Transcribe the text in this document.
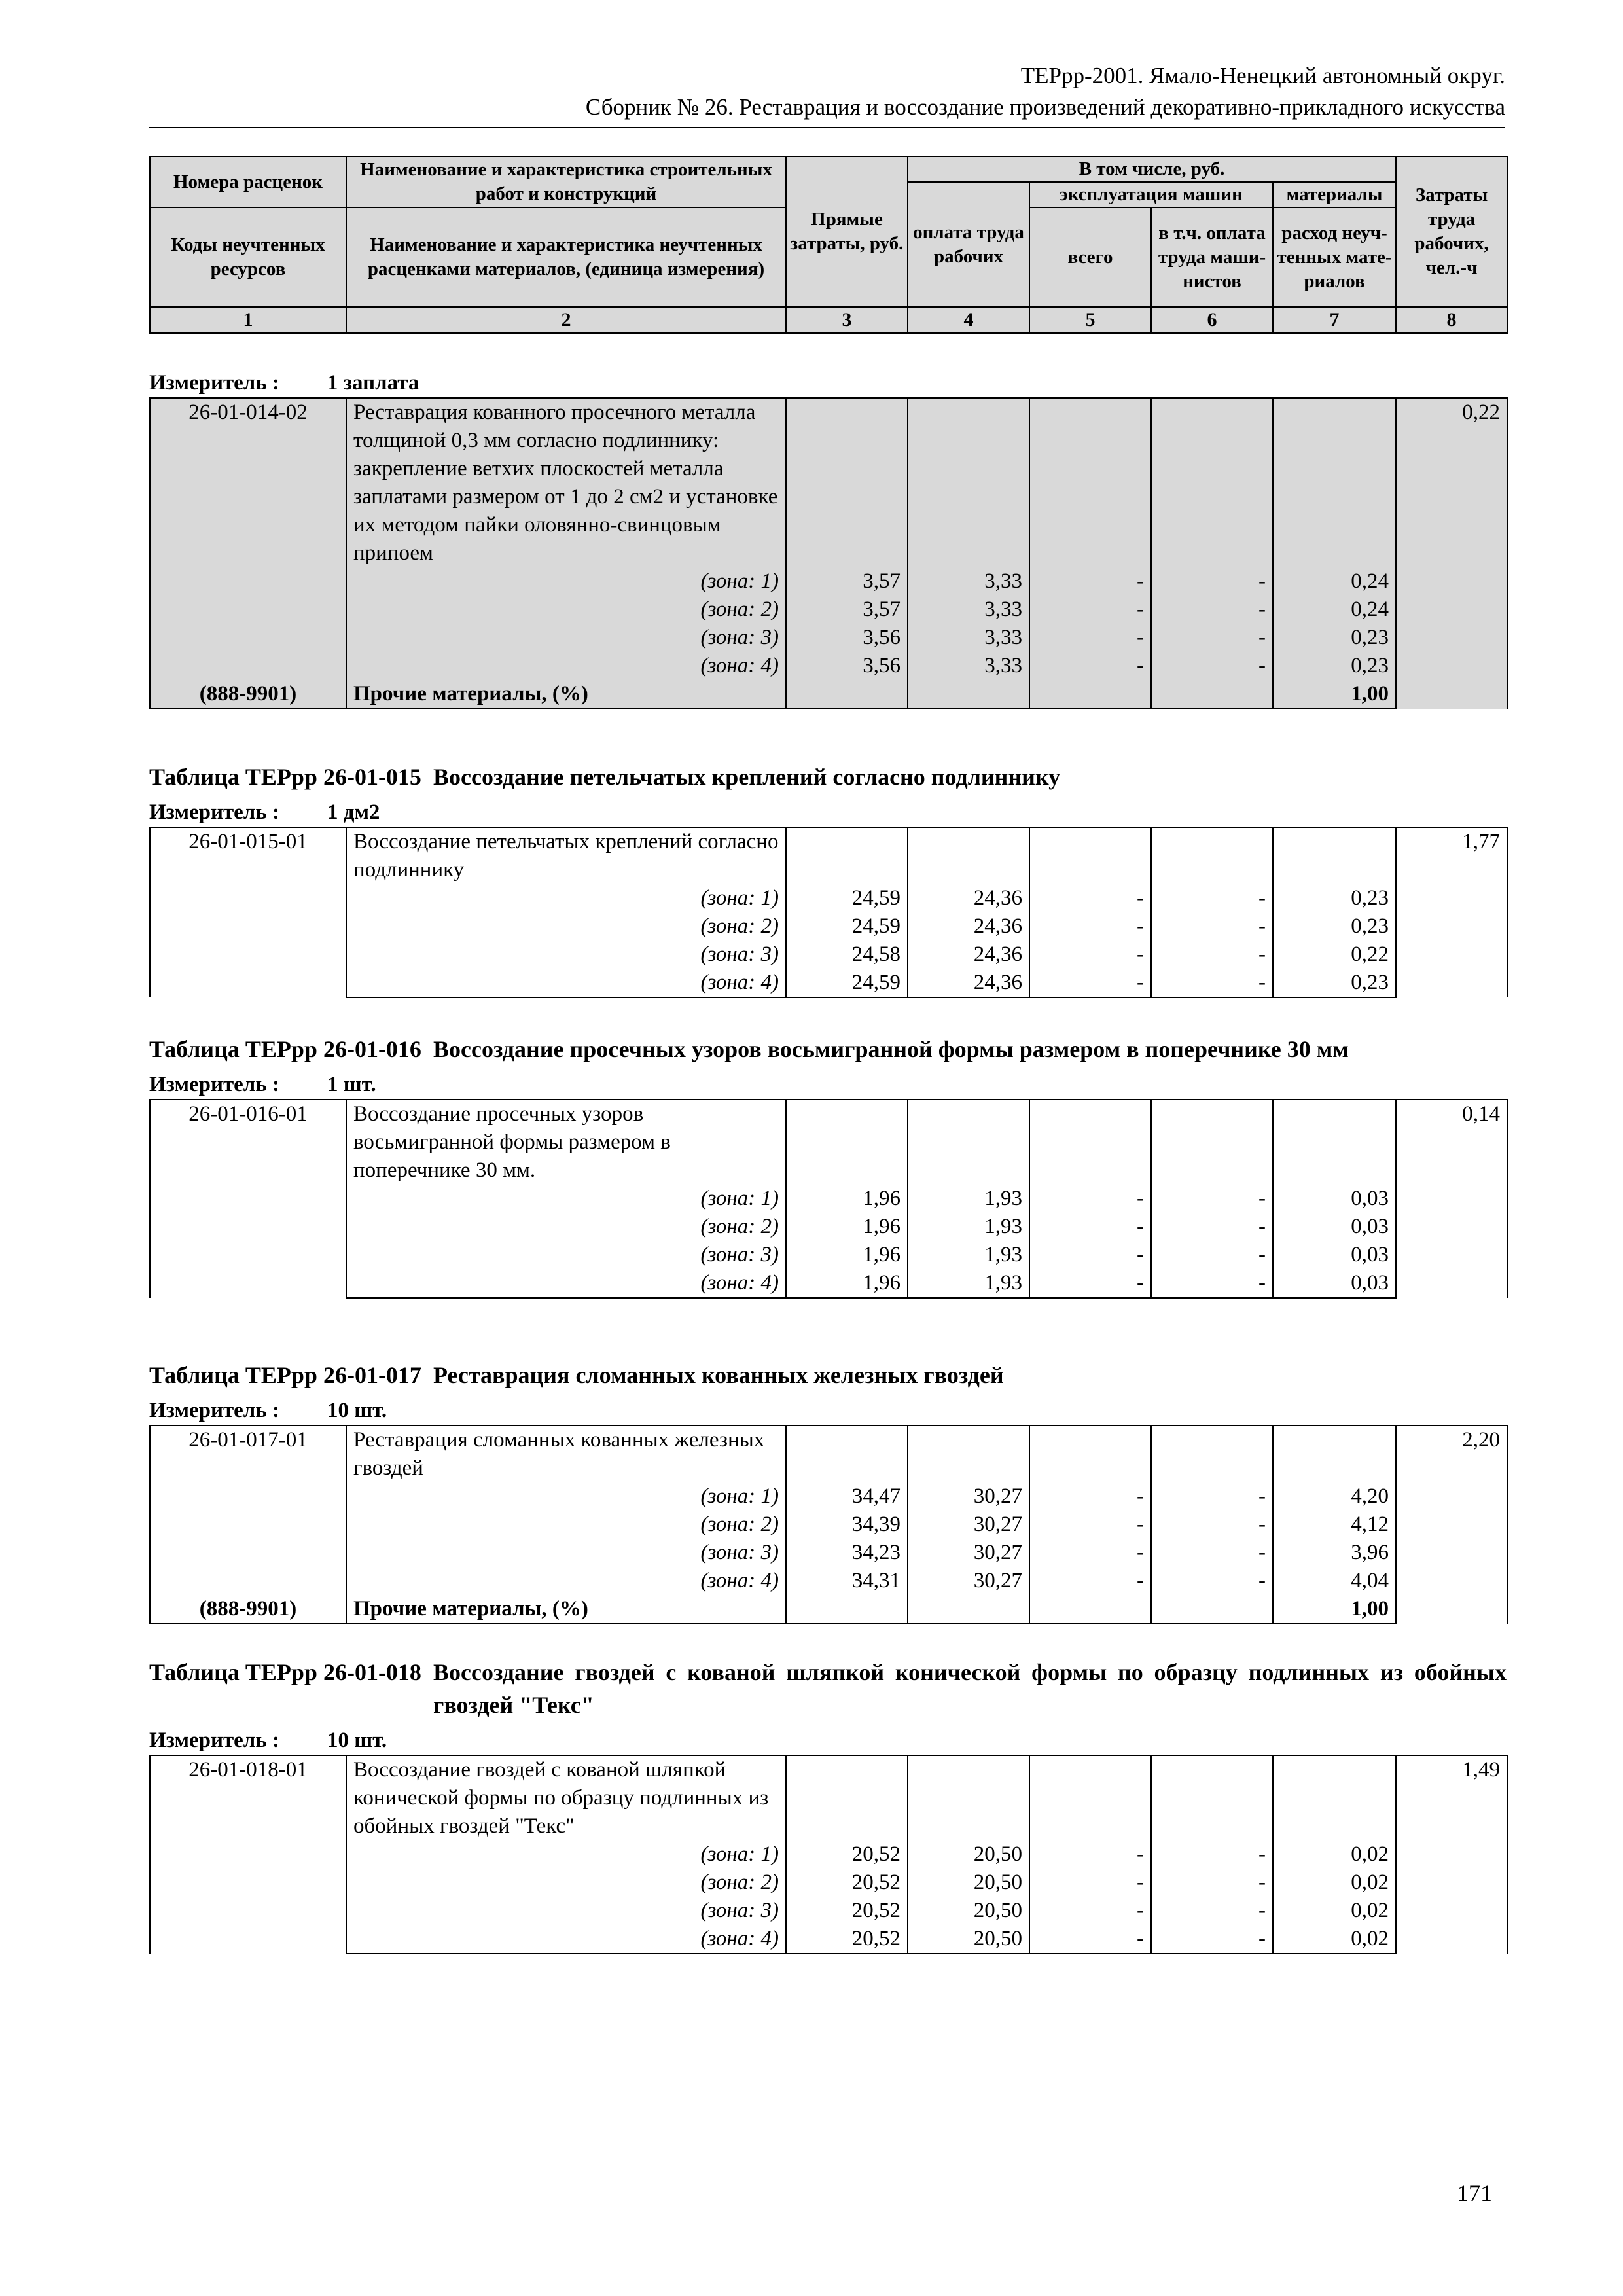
ТЕРрр-2001. Ямало-Ненецкий автономный округ.
Сборник № 26. Реставрация и воссоздание произведений декоративно-прикладного искусства
Номера расценок	Наименование и характеристика строительных работ и конструкций	Прямые затраты, руб.	В том числе, руб.				Затраты труда рабочих, чел.-ч
			оплата труда рабочих	эксплуатация машин		материалы	
Коды неучтенных ресурсов	Наименование и характеристика неучтенных расценками материалов, (единица измерения)			всего	в т.ч. оплата труда маши-нистов	расход неуч-тенных мате-риалов	

1	2	3	4	5	6	7	8
Измеритель :	1 заплата
26-01-014-02	Реставрация кованного просечного металла толщиной 0,3 мм согласно подлиннику: закрепление ветхих плоскостей металла заплатами размером от 1 до 2 см2 и установке их методом пайки оловянно-свинцовым припоем						0,22
	(зона: 1)	3,57	3,33	-	-	0,24	
	(зона: 2)	3,57	3,33	-	-	0,24	
	(зона: 3)	3,56	3,33	-	-	0,23	
	(зона: 4)	3,56	3,33	-	-	0,23	
(888-9901)	Прочие материалы, (%)					1,00	
Таблица ТЕРрр 26-01-015 Воссоздание петельчатых креплений согласно подлиннику
Измеритель :	1 дм2
26-01-015-01	Воссоздание петельчатых креплений согласно подлиннику						1,77
	(зона: 1)	24,59	24,36	-	-	0,23	
	(зона: 2)	24,59	24,36	-	-	0,23	
	(зона: 3)	24,58	24,36	-	-	0,22	
	(зона: 4)	24,59	24,36	-	-	0,23	
Таблица ТЕРрр 26-01-016 Воссоздание просечных узоров восьмигранной формы размером в поперечнике 30 мм
Измеритель :	1 шт.
26-01-016-01	Воссоздание просечных узоров восьмигранной формы размером в поперечнике 30 мм.						0,14
	(зона: 1)	1,96	1,93	-	-	0,03	
	(зона: 2)	1,96	1,93	-	-	0,03	
	(зона: 3)	1,96	1,93	-	-	0,03	
	(зона: 4)	1,96	1,93	-	-	0,03	
Таблица ТЕРрр 26-01-017 Реставрация сломанных кованных железных гвоздей
Измеритель :	10 шт.
26-01-017-01	Реставрация сломанных кованных железных гвоздей						2,20
	(зона: 1)	34,47	30,27	-	-	4,20	
	(зона: 2)	34,39	30,27	-	-	4,12	
	(зона: 3)	34,23	30,27	-	-	3,96	
	(зона: 4)	34,31	30,27	-	-	4,04	
(888-9901)	Прочие материалы, (%)					1,00	
Таблица ТЕРрр 26-01-018 Воссоздание гвоздей с кованой шляпкой конической формы по образцу подлинных из обойных гвоздей "Текс"
Измеритель :	10 шт.
26-01-018-01	Воссоздание гвоздей с кованой шляпкой конической формы по образцу подлинных из обойных гвоздей "Текс"						1,49
	(зона: 1)	20,52	20,50	-	-	0,02	
	(зона: 2)	20,52	20,50	-	-	0,02	
	(зона: 3)	20,52	20,50	-	-	0,02	
	(зона: 4)	20,52	20,50	-	-	0,02	
171
